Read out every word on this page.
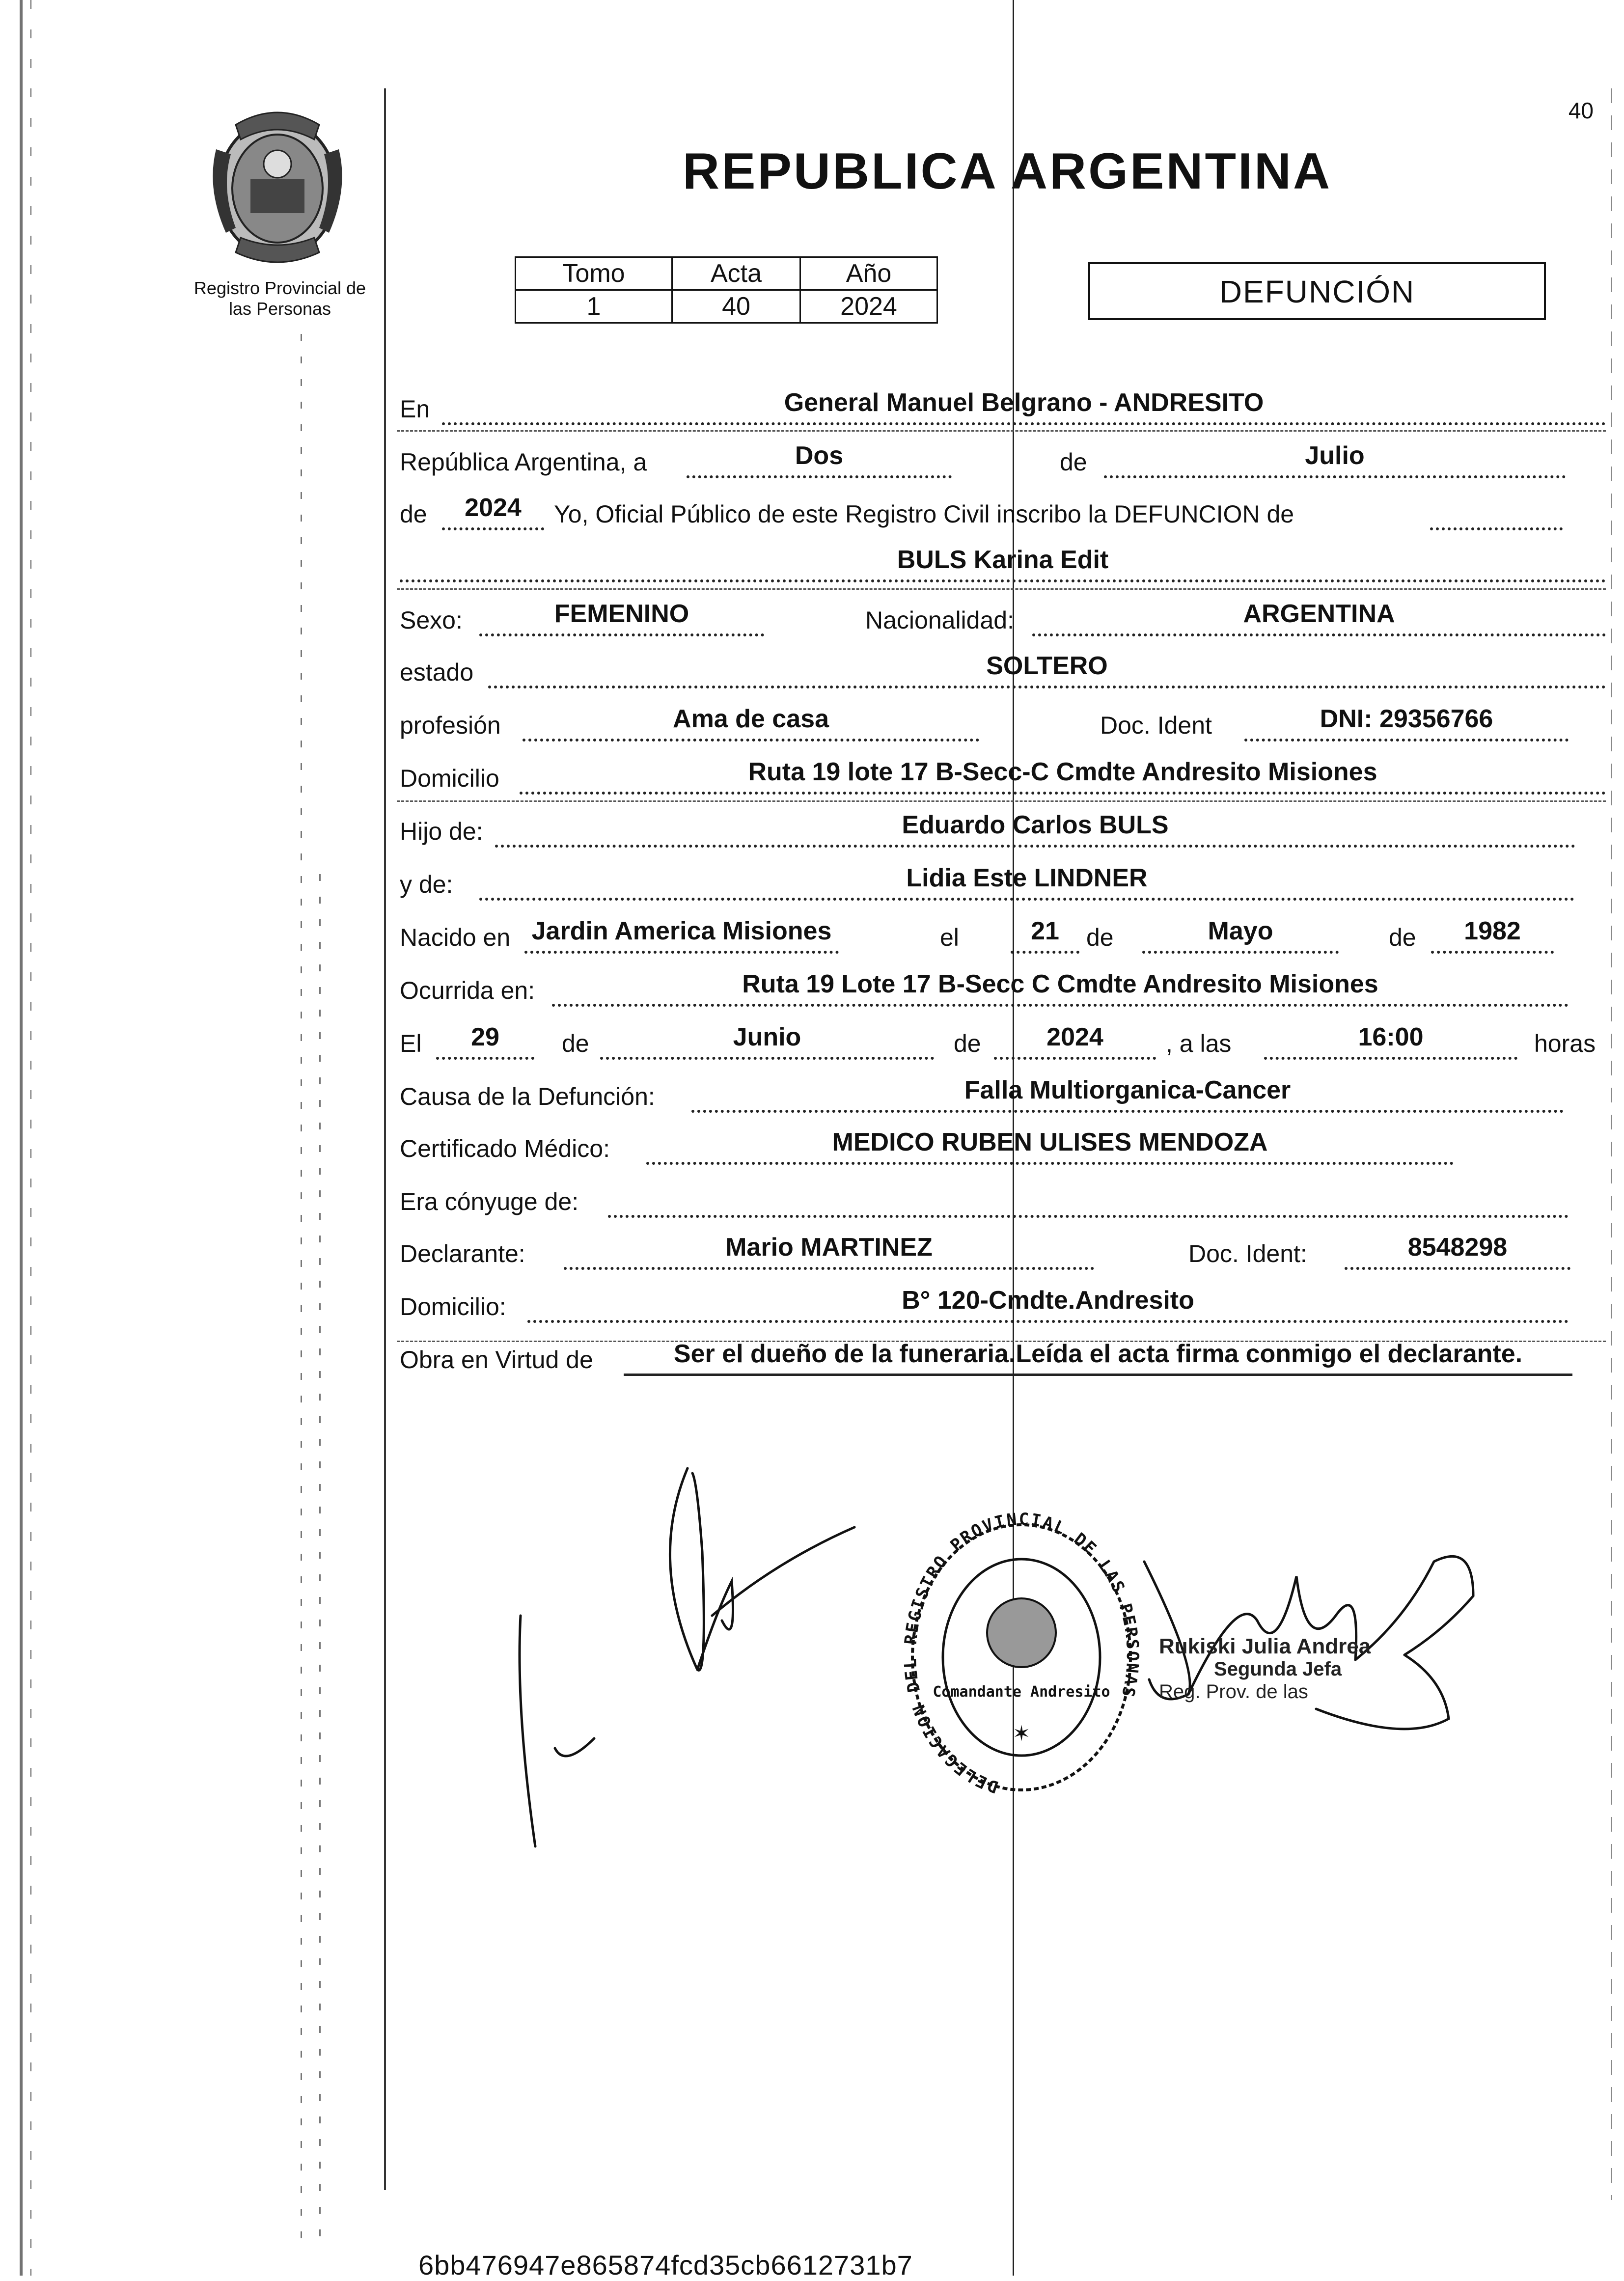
Registro Provincial de
las Personas
40
REPUBLICA ARGENTINA
Tomo	Acta	Año
1	40	2024	DEFUNCIÓN
En	General Manuel Belgrano - ANDRESITO
República Argentina, a	Dos	de	Julio
de	2024	Yo, Oficial Público de este Registro Civil inscribo la DEFUNCION de
BULS Karina Edit
Sexo:	FEMENINO	Nacionalidad:	ARGENTINA
estado	SOLTERO
profesión	Ama de casa	Doc. Ident	DNI: 29356766
Domicilio	Ruta 19 lote 17 B-Secc-C Cmdte Andresito Misiones
Hijo de:	Eduardo Carlos BULS
y de:	Lidia Este LINDNER
Nacido en Jardin America Misiones	el	21	de	Mayo	de	1982
Ocurrida en:	Ruta 19 Lote 17 B-Secc C Cmdte Andresito Misiones
El	29	de	Junio	de	2024	, a las	16:00	horas
Causa de la Defunción:	Falla Multiorganica-Cancer
Certificado Médico:	MEDICO RUBEN ULISES MENDOZA
Era cónyuge de:
Declarante:	Mario MARTINEZ	Doc. Ident:	8548298
Domicilio:	B° 120-Cmdte.Andresito
Obra en Virtud de	Ser el dueño de la funeraria.Leída el acta firma conmigo el declarante.
DELEGACION DEL REGISTRO PROVINCIAL DE LAS PERSONAS
Comandante Andresito
✶
Rukiski Julia Andrea
Segunda Jefa
Reg. Prov. de las
6bb476947e865874fcd35cb6612731b7
